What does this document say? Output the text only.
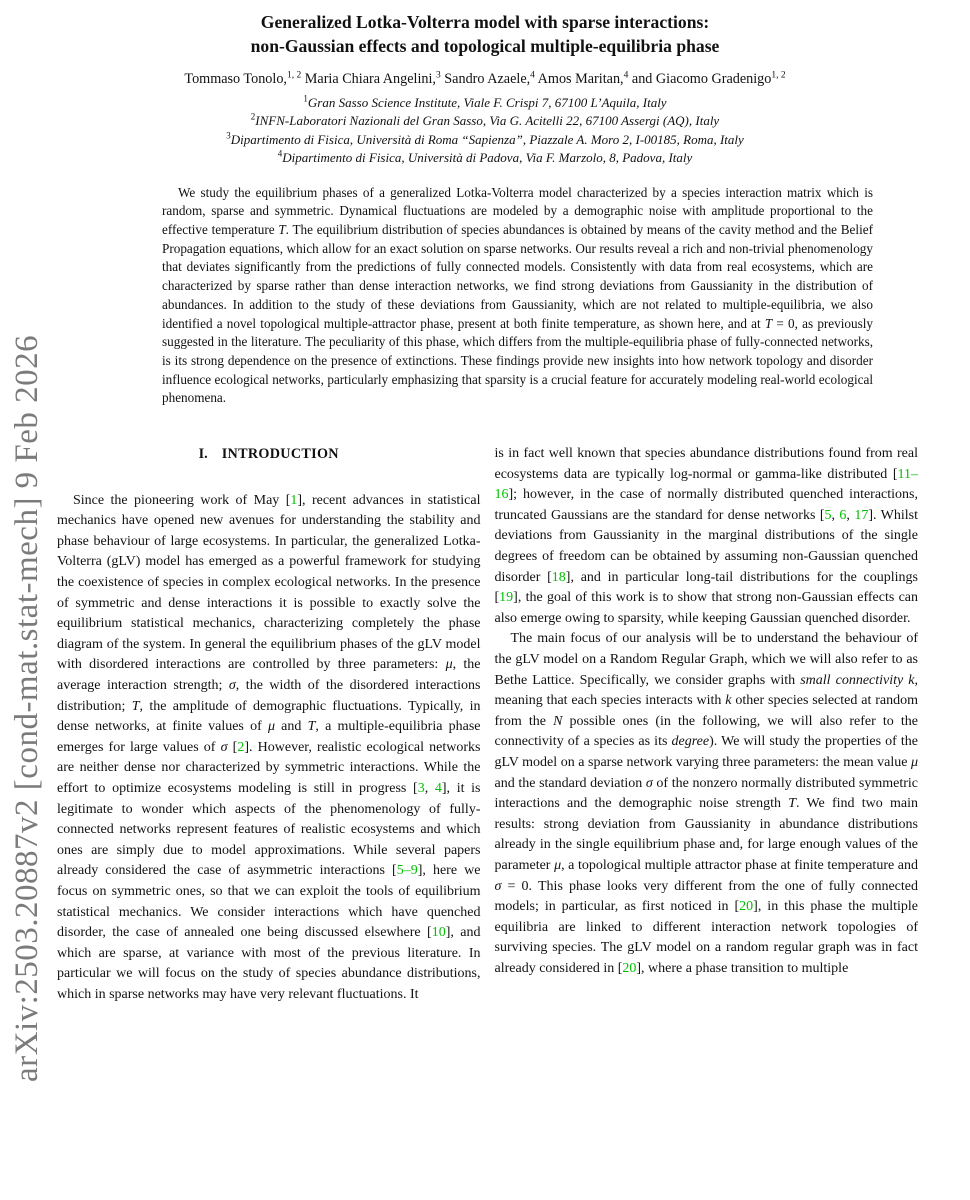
arXiv:2503.20887v2 [cond-mat.stat-mech] 9 Feb 2026
Generalized Lotka-Volterra model with sparse interactions:
non-Gaussian effects and topological multiple-equilibria phase
Tommaso Tonolo,$^{1, 2}$ Maria Chiara Angelini,$^3$ Sandro Azaele,$^4$ Amos Maritan,$^4$ and Giacomo Gradenigo$^{1, 2}$
$^1$Gran Sasso Science Institute, Viale F. Crispi 7, 67100 L’Aquila, Italy
$^2$INFN-Laboratori Nazionali del Gran Sasso, Via G. Acitelli 22, 67100 Assergi (AQ), Italy
$^3$Dipartimento di Fisica, Università di Roma “Sapienza”, Piazzale A. Moro 2, I-00185, Roma, Italy
$^4$Dipartimento di Fisica, Università di Padova, Via F. Marzolo, 8, Padova, Italy
We study the equilibrium phases of a generalized Lotka-Volterra model characterized by a species interaction matrix which is random, sparse and symmetric. Dynamical fluctuations are modeled by a demographic noise with amplitude proportional to the effective temperature T. The equilibrium distribution of species abundances is obtained by means of the cavity method and the Belief Propagation equations, which allow for an exact solution on sparse networks. Our results reveal a rich and non-trivial phenomenology that deviates significantly from the predictions of fully connected models. Consistently with data from real ecosystems, which are characterized by sparse rather than dense interaction networks, we find strong deviations from Gaussianity in the distribution of abundances. In addition to the study of these deviations from Gaussianity, which are not related to multiple-equilibria, we also identified a novel topological multiple-attractor phase, present at both finite temperature, as shown here, and at T = 0, as previously suggested in the literature. The peculiarity of this phase, which differs from the multiple-equilibria phase of fully-connected networks, is its strong dependence on the presence of extinctions. These findings provide new insights into how network topology and disorder influence ecological networks, particularly emphasizing that sparsity is a crucial feature for accurately modeling real-world ecological phenomena.
I. INTRODUCTION

Since the pioneering work of May [1], recent advances in statistical mechanics have opened new avenues for understanding the stability and phase behaviour of large ecosystems. In particular, the generalized Lotka-Volterra (gLV) model has emerged as a powerful framework for studying the coexistence of species in complex ecological networks. In the presence of symmetric and dense interactions it is possible to exactly solve the equilibrium statistical mechanics, characterizing completely the phase diagram of the system. In general the equilibrium phases of the gLV model with disordered interactions are controlled by three parameters: μ, the average interaction strength; σ, the width of the disordered interactions distribution; T, the amplitude of demographic fluctuations. Typically, in dense networks, at finite values of μ and T, a multiple-equilibria phase emerges for large values of σ [2]. However, realistic ecological networks are neither dense nor characterized by symmetric interactions. While the effort to optimize ecosystems modeling is still in progress [3, 4], it is legitimate to wonder which aspects of the phenomenology of fully-connected networks represent features of realistic ecosystems and which ones are simply due to model approximations. While several papers already considered the case of asymmetric interactions [5–9], here we focus on symmetric ones, so that we can exploit the tools of equilibrium statistical mechanics. We consider interactions which have quenched disorder, the case of annealed one being discussed elsewhere [10], and which are sparse, at variance with most of the previous literature. In particular we will focus on the study of species abundance distributions, which in sparse networks may have very relevant fluctuations. It

is in fact well known that species abundance distributions found from real ecosystems data are typically log-normal or gamma-like distributed [11–16]; however, in the case of normally distributed quenched interactions, truncated Gaussians are the standard for dense networks [5, 6, 17]. Whilst deviations from Gaussianity in the marginal distributions of the single degrees of freedom can be obtained by assuming non-Gaussian quenched disorder [18], and in particular long-tail distributions for the couplings [19], the goal of this work is to show that strong non-Gaussian effects can also emerge owing to sparsity, while keeping Gaussian quenched disorder.

The main focus of our analysis will be to understand the behaviour of the gLV model on a Random Regular Graph, which we will also refer to as Bethe Lattice. Specifically, we consider graphs with small connectivity k, meaning that each species interacts with k other species selected at random from the N possible ones (in the following, we will also refer to the connectivity of a species as its degree). We will study the properties of the gLV model on a sparse network varying three parameters: the mean value μ and the standard deviation σ of the nonzero normally distributed symmetric interactions and the demographic noise strength T. We find two main results: strong deviation from Gaussianity in abundance distributions already in the single equilibrium phase and, for large enough values of the parameter μ, a topological multiple attractor phase at finite temperature and σ = 0. This phase looks very different from the one of fully connected models; in particular, as first noticed in [20], in this phase the multiple equilibria are linked to different interaction network topologies of surviving species. The gLV model on a random regular graph was in fact already considered in [20], where a phase transition to multiple
